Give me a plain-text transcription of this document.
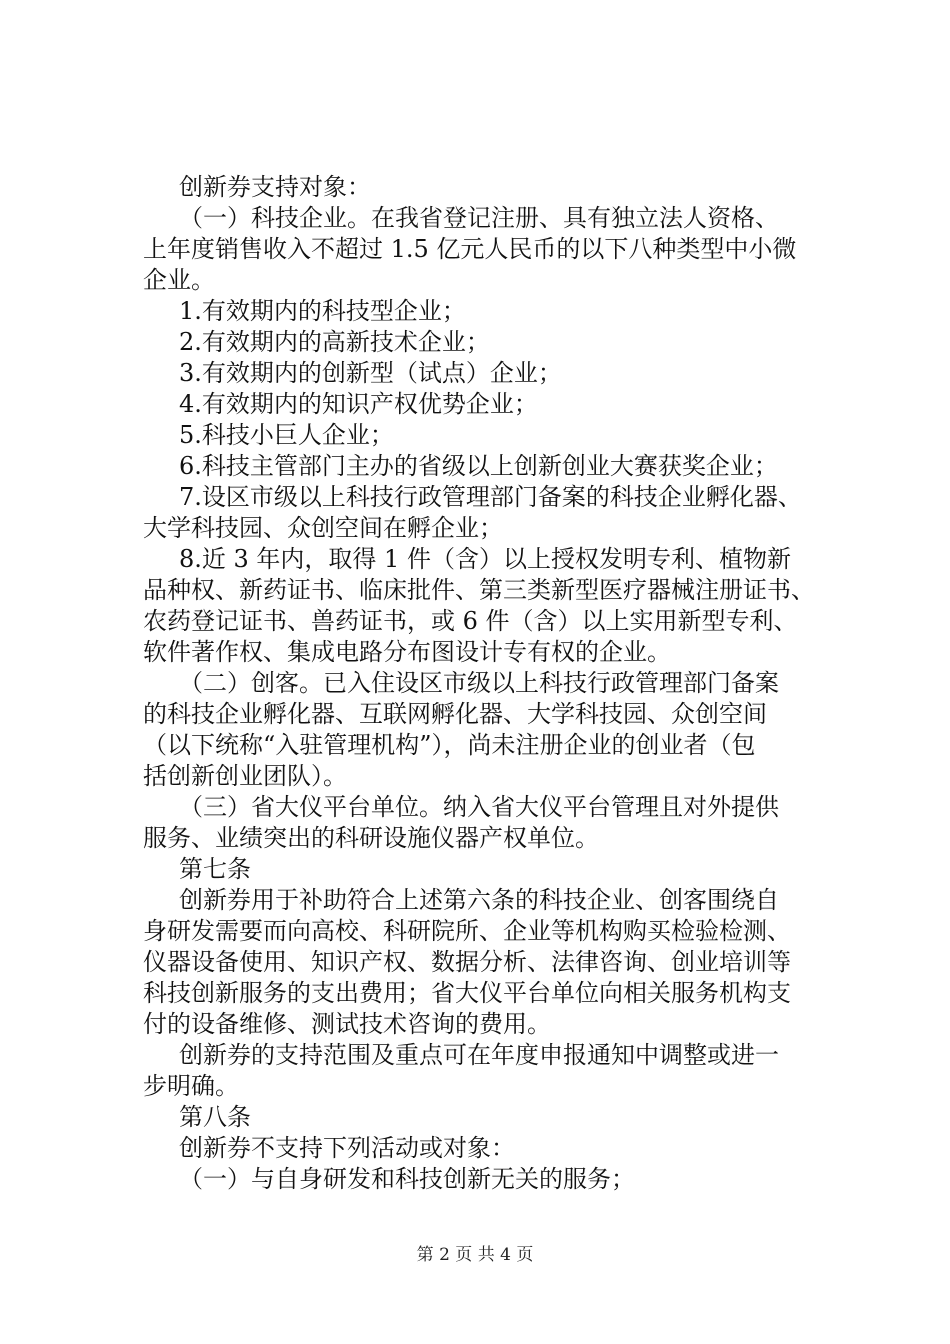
创新券支持对象：
（一）科技企业。在我省登记注册、具有独立法人资格、
上年度销售收入不超过 1.5 亿元人民币的以下八种类型中小微
企业。
1.有效期内的科技型企业；
2.有效期内的高新技术企业；
3.有效期内的创新型（试点）企业；
4.有效期内的知识产权优势企业；
5.科技小巨人企业；
6.科技主管部门主办的省级以上创新创业大赛获奖企业；
7.设区市级以上科技行政管理部门备案的科技企业孵化器、
大学科技园、众创空间在孵企业；
8.近 3 年内，取得 1 件（含）以上授权发明专利、植物新
品种权、新药证书、临床批件、第三类新型医疗器械注册证书、
农药登记证书、兽药证书，或 6 件（含）以上实用新型专利、
软件著作权、集成电路分布图设计专有权的企业。
（二）创客。已入住设区市级以上科技行政管理部门备案
的科技企业孵化器、互联网孵化器、大学科技园、众创空间
（以下统称“入驻管理机构”），尚未注册企业的创业者（包
括创新创业团队）。
（三）省大仪平台单位。纳入省大仪平台管理且对外提供
服务、业绩突出的科研设施仪器产权单位。
第七条
创新券用于补助符合上述第六条的科技企业、创客围绕自
身研发需要而向高校、科研院所、企业等机构购买检验检测、
仪器设备使用、知识产权、数据分析、法律咨询、创业培训等
科技创新服务的支出费用；省大仪平台单位向相关服务机构支
付的设备维修、测试技术咨询的费用。
创新券的支持范围及重点可在年度申报通知中调整或进一
步明确。
第八条
创新券不支持下列活动或对象：
（一）与自身研发和科技创新无关的服务；
第 2 页 共 4 页
